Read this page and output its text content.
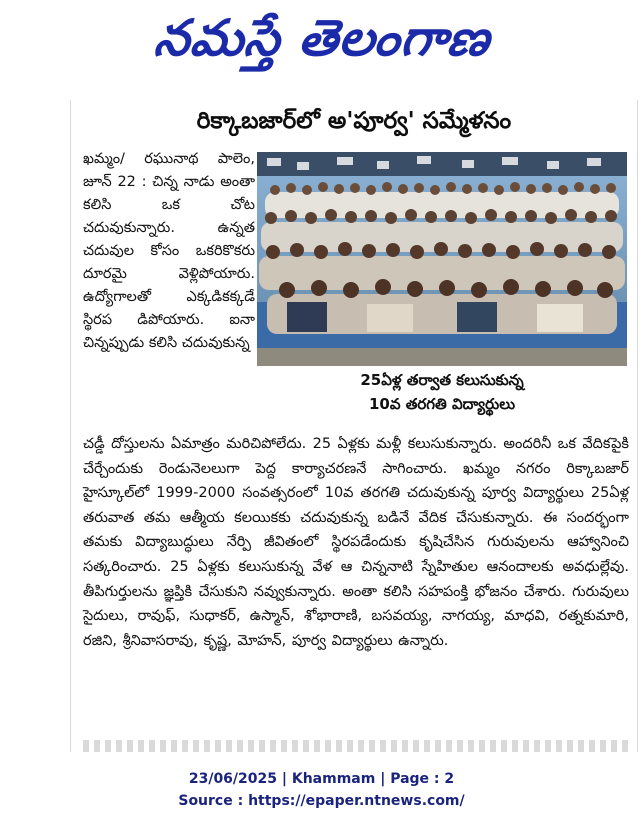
నమస్తే తెలంగాణ
రిక్కాబజార్‌లో అ'పూర్వ' సమ్మేళనం
ఖమ్మం/ రఘునాథ పాలెం, జూన్ 22 : చిన్న నాడు అంతా కలిసి ఒక చోట చదువుకున్నారు. ఉన్నత చదువుల కోసం ఒకరికొకరు దూరమై వెళ్లిపోయారు. ఉద్యోగాలతో ఎక్కడికక్కడే స్థిరప డిపోయారు. ఐనా చిన్నప్పుడు కలిసి చదువుకున్న
25ఏళ్ల తర్వాత కలుసుకున్న
10వ తరగతి విద్యార్థులు
చడ్డీ దోస్తులను ఏమాత్రం మరిచిపోలేదు. 25 ఏళ్లకు మళ్లీ కలుసుకున్నారు. అందరినీ ఒక వేదికపైకి చేర్చేందుకు రెండునెలలుగా పెద్ద కార్యాచరణనే సాగించారు. ఖమ్మం నగరం రిక్కాబజార్ హైస్కూల్‌లో 1999-2000 సంవత్సరంలో 10వ తరగతి చదువుకున్న పూర్వ విద్యార్థులు 25ఏళ్ల తరువాత తమ ఆత్మీయ కలయికకు చదువుకున్న బడినే వేదిక చేసుకున్నారు. ఈ సందర్భంగా తమకు విద్యాబుద్ధులు నేర్పి జీవితంలో స్థిరపడేందుకు కృషిచేసిన గురువులను ఆహ్వానించి సత్కరించారు. 25 ఏళ్లకు కలుసుకున్న వేళ ఆ చిన్ననాటి స్నేహితుల ఆనందాలకు అవధుల్లేవు. తీపిగుర్తులను జ్ఞప్తికి చేసుకుని నవ్వుకున్నారు. అంతా కలిసి సహపంక్తి భోజనం చేశారు. గురువులు సైదులు, రావుఫ్, సుధాకర్, ఉస్మాన్, శోభారాణి, బసవయ్య, నాగయ్య, మాధవి, రత్నకుమారి, రజిని, శ్రీనివాసరావు, కృష్ణ, మోహన్, పూర్వ విద్యార్థులు ఉన్నారు.
23/06/2025 | Khammam | Page : 2
Source : https://epaper.ntnews.com/
